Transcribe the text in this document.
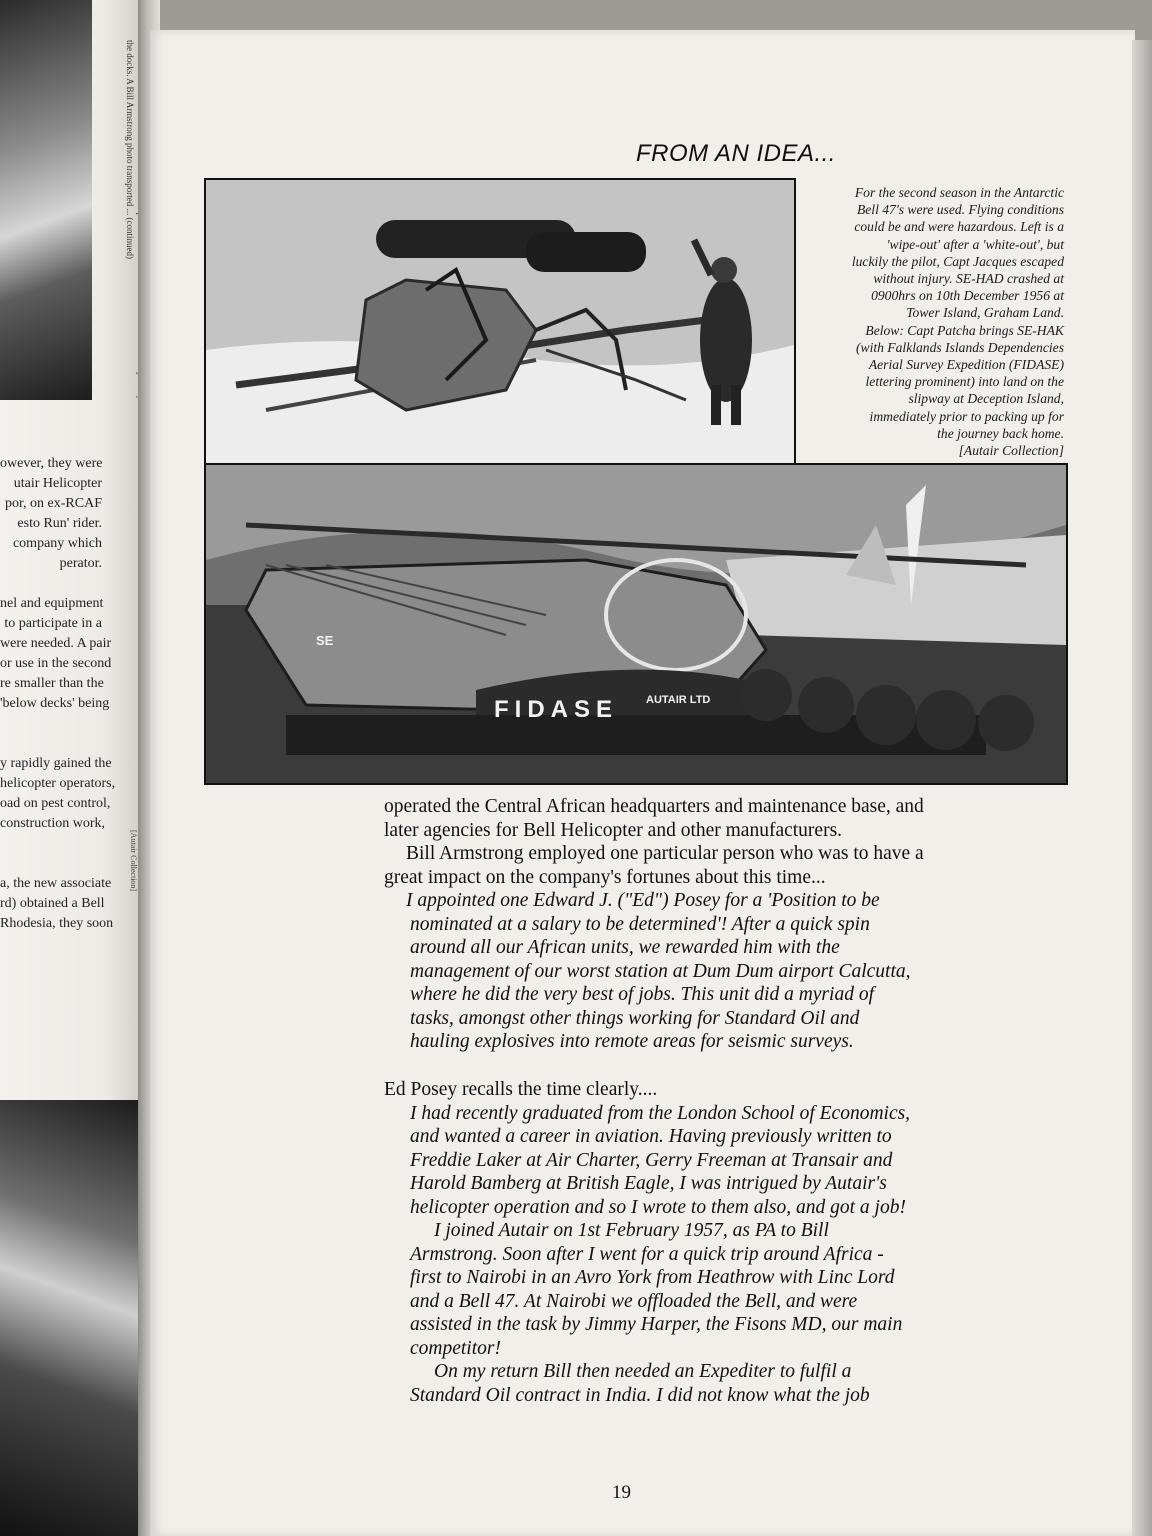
the docks. A Bill Armstrong photo transported ... (continued)
owever, they were
utair Helicopter
por, on ex-RCAF
esto Run' rider.
company which
perator.
nel and equipment
to participate in a
were needed. A pair
or use in the second
re smaller than the
'below decks' being
y rapidly gained the
helicopter operators,
oad on pest control,
construction work,
a, the new associate
rd) obtained a Bell
Rhodesia, they soon
[Autair Collection]
FROM AN IDEA...
For the second season in the Antarctic
Bell 47's were used. Flying conditions
could be and were hazardous. Left is a
'wipe-out' after a 'white-out', but
luckily the pilot, Capt Jacques escaped
without injury. SE-HAD crashed at
0900hrs on 10th December 1956 at
Tower Island, Graham Land.
Below: Capt Patcha brings SE-HAK
(with Falklands Islands Dependencies
Aerial Survey Expedition (FIDASE)
lettering prominent) into land on the
slipway at Deception Island,
immediately prior to packing up for
the journey back home.
[Autair Collection]
FIDASE	AUTAIR LTD
SE
operated the Central African headquarters and maintenance base, and
later agencies for Bell Helicopter and other manufacturers.
Bill Armstrong employed one particular person who was to have a
great impact on the company's fortunes about this time...
I appointed one Edward J. ("Ed") Posey for a 'Position to be
nominated at a salary to be determined'! After a quick spin
around all our African units, we rewarded him with the
management of our worst station at Dum Dum airport Calcutta,
where he did the very best of jobs. This unit did a myriad of
tasks, amongst other things working for Standard Oil and
hauling explosives into remote areas for seismic surveys.
Ed Posey recalls the time clearly....
I had recently graduated from the London School of Economics,
and wanted a career in aviation. Having previously written to
Freddie Laker at Air Charter, Gerry Freeman at Transair and
Harold Bamberg at British Eagle, I was intrigued by Autair's
helicopter operation and so I wrote to them also, and got a job!
I joined Autair on 1st February 1957, as PA to Bill
Armstrong. Soon after I went for a quick trip around Africa -
first to Nairobi in an Avro York from Heathrow with Linc Lord
and a Bell 47. At Nairobi we offloaded the Bell, and were
assisted in the task by Jimmy Harper, the Fisons MD, our main
competitor!
On my return Bill then needed an Expediter to fulfil a
Standard Oil contract in India. I did not know what the job
19
